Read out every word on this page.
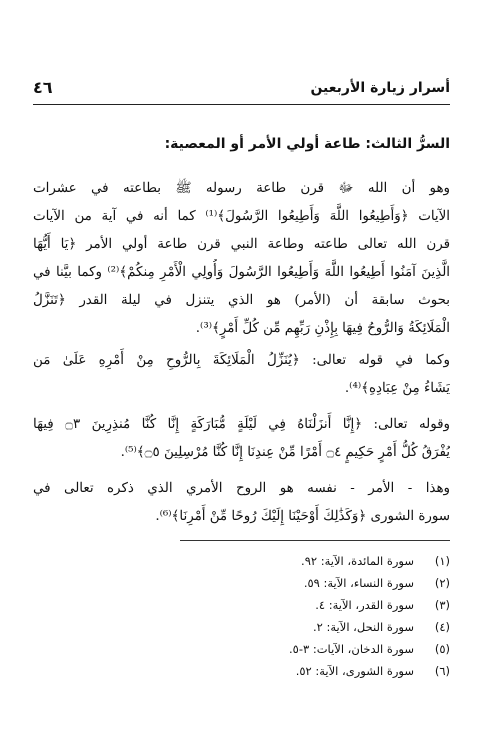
أسرار زيارة الأربعين
٤٦
السرُّ الثالث: طاعة أولي الأمر أو المعصية:
وهو أن الله ﷻ قرن طاعة رسوله ﷺ بطاعته في عشرات
الآيات ﴿وَأَطِيعُوا اللَّهَ وَأَطِيعُوا الرَّسُولَ﴾⁽¹⁾ كما أنه في آية من الآيات
قرن الله تعالى طاعته وطاعة النبي قرن طاعة أولي الأمر ﴿يَا أَيُّهَا
الَّذِينَ آمَنُوا أَطِيعُوا اللَّهَ وَأَطِيعُوا الرَّسُولَ وَأُولِي الْأَمْرِ مِنكُمْ﴾⁽²⁾ وكما بيَّنا في
بحوث سابقة أن (الأمر) هو الذي يتنزل في ليلة القدر ﴿تَنَزَّلُ
الْمَلَائِكَةُ وَالرُّوحُ فِيهَا بِإِذْنِ رَبِّهِم مِّن كُلِّ أَمْرٍ﴾⁽³⁾.
وكما في قوله تعالى: ﴿يُنَزِّلُ الْمَلَائِكَةَ بِالرُّوحِ مِنْ أَمْرِهِ عَلَىٰ مَن
يَشَاءُ مِنْ عِبَادِهِ﴾⁽⁴⁾.
وقوله تعالى: ﴿إِنَّا أَنزَلْنَاهُ فِي لَيْلَةٍ مُّبَارَكَةٍ إِنَّا كُنَّا مُنذِرِينَ ۝٣ فِيهَا
يُفْرَقُ كُلُّ أَمْرٍ حَكِيمٍ ۝٤ أَمْرًا مِّنْ عِندِنَا إِنَّا كُنَّا مُرْسِلِينَ ۝٥﴾⁽⁵⁾.
وهذا - الأمر - نفسه هو الروح الأمري الذي ذكره تعالى في
سورة الشورى ﴿وَكَذَٰلِكَ أَوْحَيْنَا إِلَيْكَ رُوحًا مِّنْ أَمْرِنَا﴾⁽⁶⁾.
(١)
سورة المائدة، الآية: ٩٢.
(٢)
سورة النساء، الآية: ٥٩.
(٣)
سورة القدر، الآية: ٤.
(٤)
سورة النحل، الآية: ٢.
(٥)
سورة الدخان، الآيات: ٣-٥.
(٦)
سورة الشورى، الآية: ٥٢.
